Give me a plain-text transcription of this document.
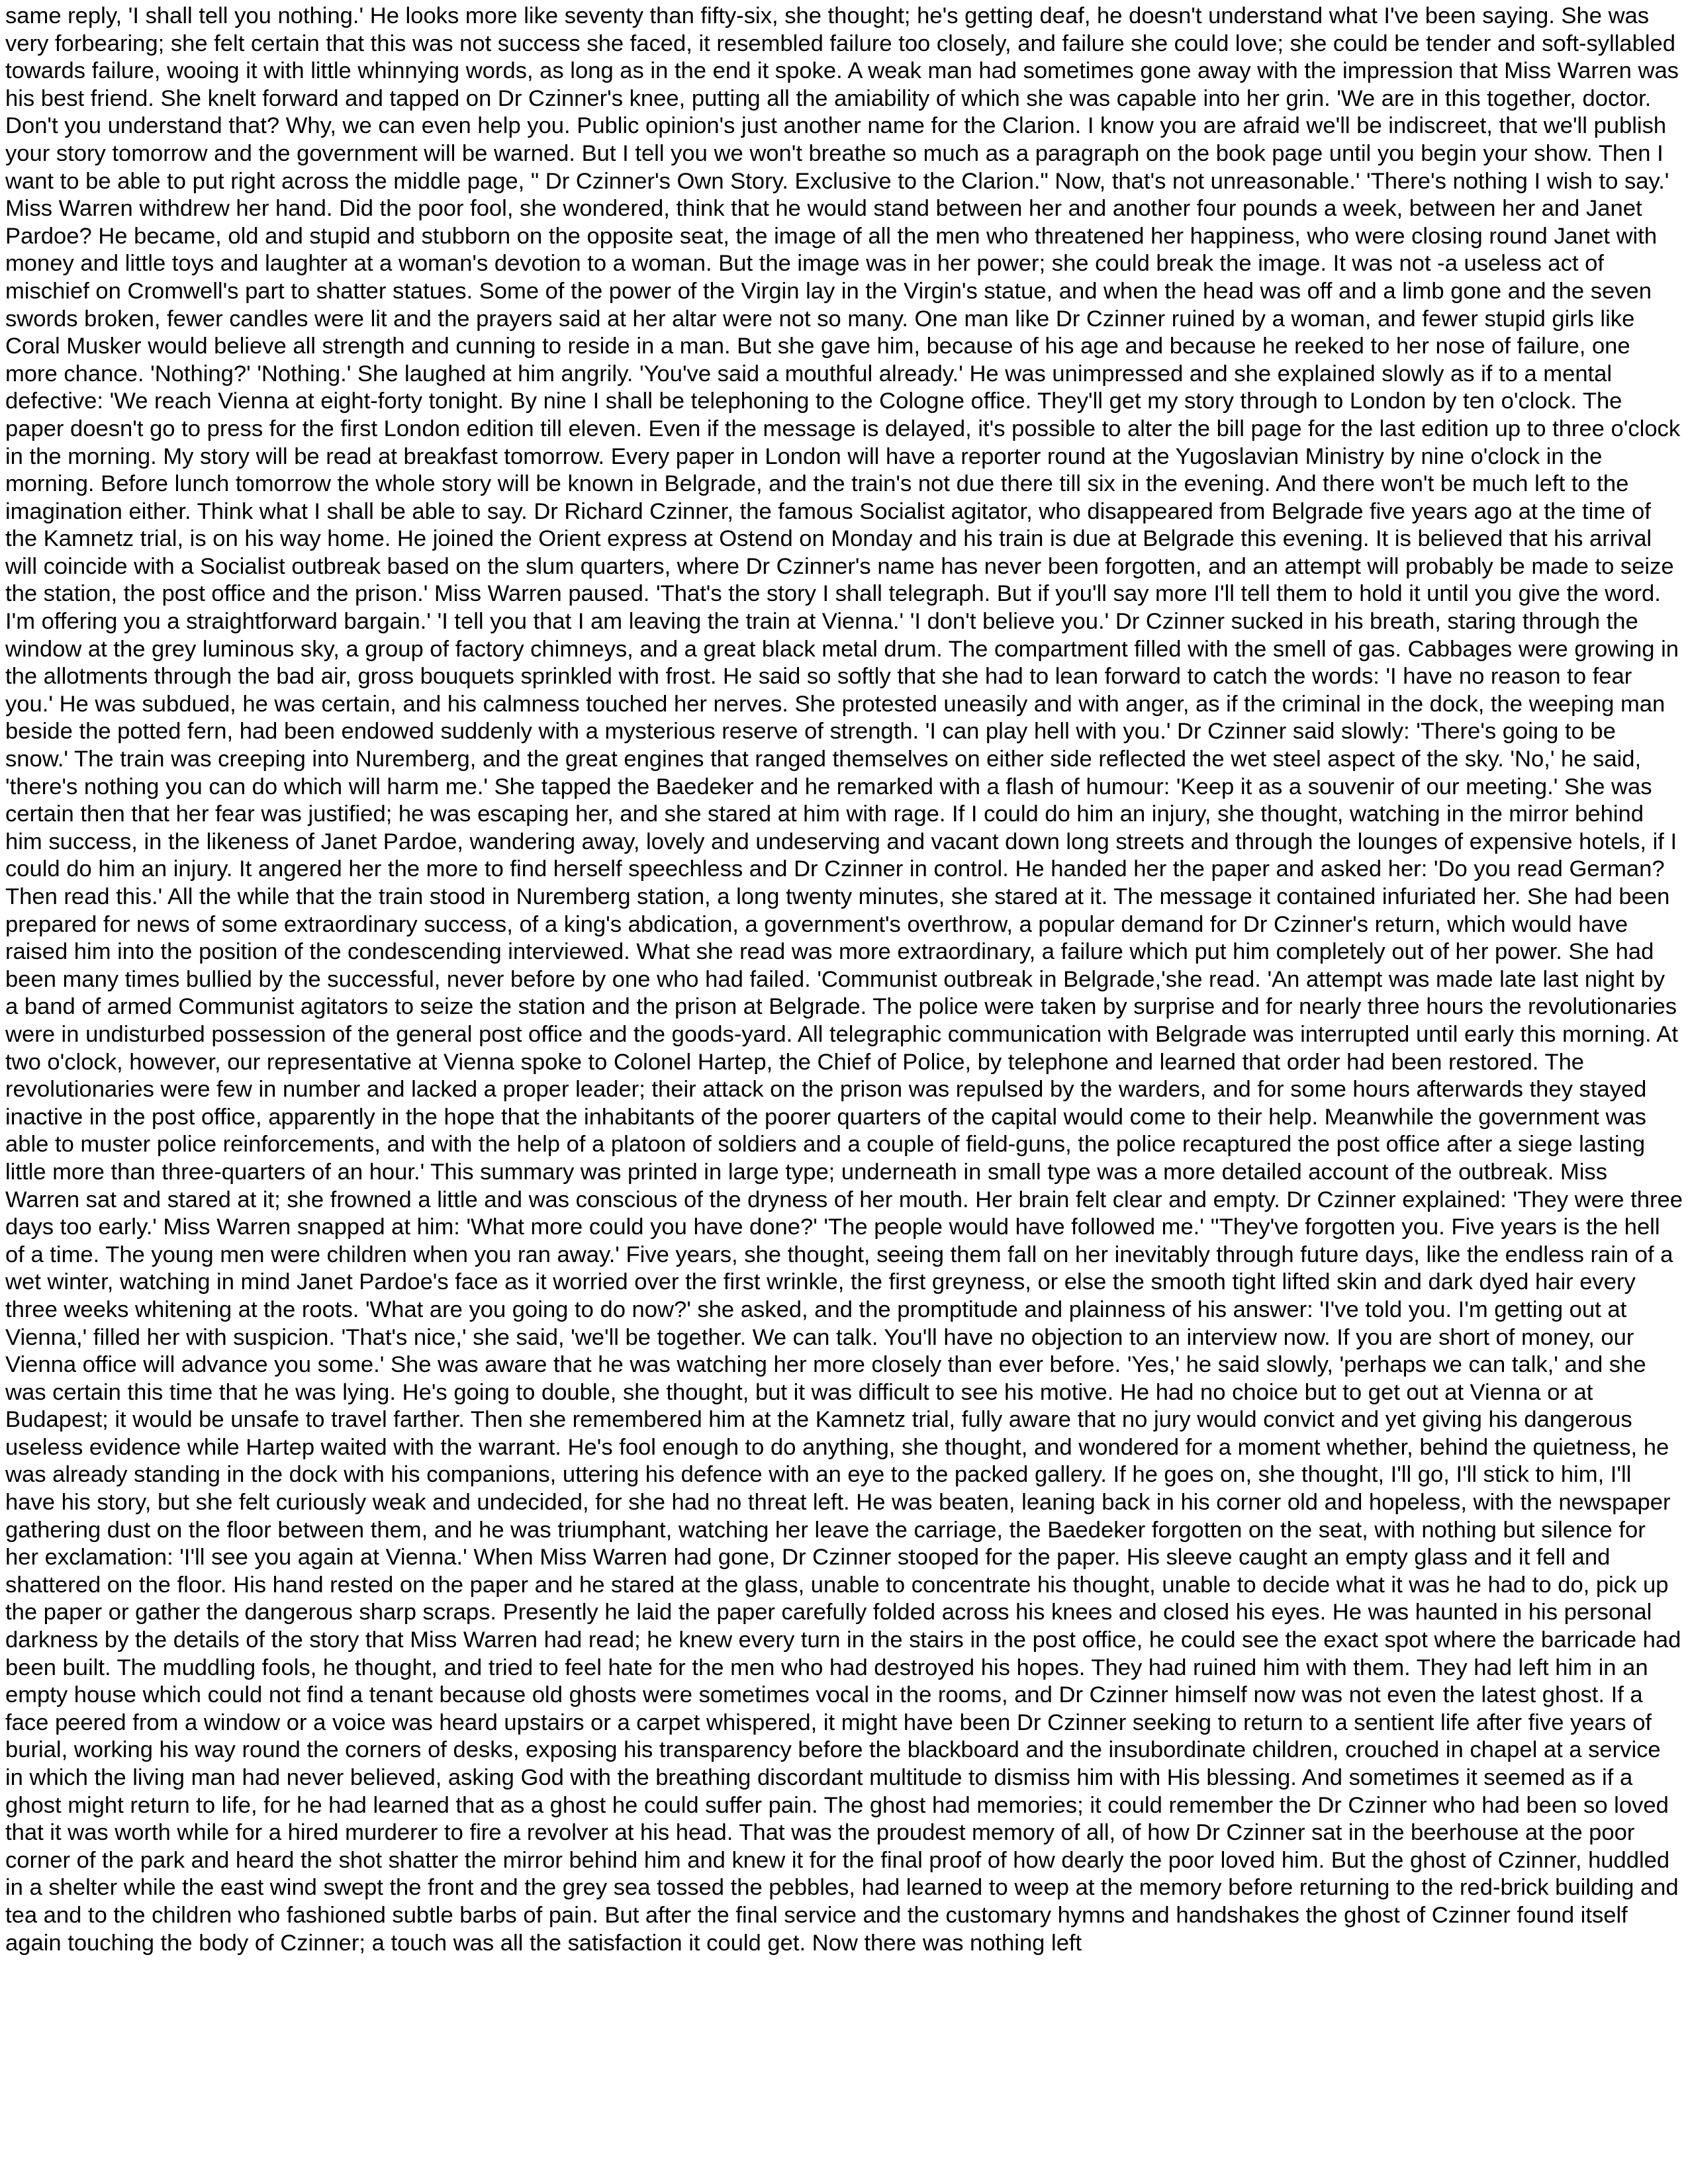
same reply, 'I shall tell you nothing.' He looks more like seventy than fifty-six, she thought; he's getting deaf, he doesn't understand what I've been saying. She was very forbearing; she felt certain that this was not success she faced, it resembled failure too closely, and failure she could love; she could be tender and soft-syllabled towards failure, wooing it with little whinnying words, as long as in the end it spoke. A weak man had sometimes gone away with the impression that Miss Warren was his best friend. She knelt forward and tapped on Dr Czinner's knee, putting all the amiability of which she was capable into her grin. 'We are in this together, doctor. Don't you understand that? Why, we can even help you. Public opinion's just another name for the Clarion. I know you are afraid we'll be indiscreet, that we'll publish your story tomorrow and the government will be warned. But I tell you we won't breathe so much as a paragraph on the book page until you begin your show. Then I want to be able to put right across the middle page, " Dr Czinner's Own Story. Exclusive to the Clarion." Now, that's not unreasonable.' 'There's nothing I wish to say.' Miss Warren withdrew her hand. Did the poor fool, she wondered, think that he would stand between her and another four pounds a week, between her and Janet Pardoe? He became, old and stupid and stubborn on the opposite seat, the image of all the men who threatened her happiness, who were closing round Janet with money and little toys and laughter at a woman's devotion to a woman. But the image was in her power; she could break the image. It was not -a useless act of mischief on Cromwell's part to shatter statues. Some of the power of the Virgin lay in the Virgin's statue, and when the head was off and a limb gone and the seven swords broken, fewer candles were lit and the prayers said at her altar were not so many. One man like Dr Czinner ruined by a woman, and fewer stupid girls like Coral Musker would believe all strength and cunning to reside in a man. But she gave him, because of his age and because he reeked to her nose of failure, one more chance. 'Nothing?' 'Nothing.' She laughed at him angrily. 'You've said a mouthful already.' He was unimpressed and she explained slowly as if to a mental defective: 'We reach Vienna at eight-forty tonight. By nine I shall be telephoning to the Cologne office. They'll get my story through to London by ten o'clock. The paper doesn't go to press for the first London edition till eleven. Even if the message is delayed, it's possible to alter the bill page for the last edition up to three o'clock in the morning. My story will be read at breakfast tomorrow. Every paper in London will have a reporter round at the Yugoslavian Ministry by nine o'clock in the morning. Before lunch tomorrow the whole story will be known in Belgrade, and the train's not due there till six in the evening. And there won't be much left to the imagination either. Think what I shall be able to say. Dr Richard Czinner, the famous Socialist agitator, who disappeared from Belgrade five years ago at the time of the Kamnetz trial, is on his way home. He joined the Orient express at Ostend on Monday and his train is due at Belgrade this evening. It is believed that his arrival will coincide with a Socialist outbreak based on the slum quarters, where Dr Czinner's name has never been forgotten, and an attempt will probably be made to seize the station, the post office and the prison.' Miss Warren paused. 'That's the story I shall telegraph. But if you'll say more I'll tell them to hold it until you give the word. I'm offering you a straightforward bargain.' 'I tell you that I am leaving the train at Vienna.' 'I don't believe you.' Dr Czinner sucked in his breath, staring through the window at the grey luminous sky, a group of factory chimneys, and a great black metal drum. The compartment filled with the smell of gas. Cabbages were growing in the allotments through the bad air, gross bouquets sprinkled with frost. He said so softly that she had to lean forward to catch the words: 'I have no reason to fear you.' He was subdued, he was certain, and his calmness touched her nerves. She protested uneasily and with anger, as if the criminal in the dock, the weeping man beside the potted fern, had been endowed suddenly with a mysterious reserve of strength. 'I can play hell with you.' Dr Czinner said slowly: 'There's going to be snow.' The train was creeping into Nuremberg, and the great engines that ranged themselves on either side reflected the wet steel aspect of the sky. 'No,' he said, 'there's nothing you can do which will harm me.' She tapped the Baedeker and he remarked with a flash of humour: 'Keep it as a souvenir of our meeting.' She was certain then that her fear was justified; he was escaping her, and she stared at him with rage. If I could do him an injury, she thought, watching in the mirror behind him success, in the likeness of Janet Pardoe, wandering away, lovely and undeserving and vacant down long streets and through the lounges of expensive hotels, if I could do him an injury. It angered her the more to find herself speechless and Dr Czinner in control. He handed her the paper and asked her: 'Do you read German? Then read this.' All the while that the train stood in Nuremberg station, a long twenty minutes, she stared at it. The message it contained infuriated her. She had been prepared for news of some extraordinary success, of a king's abdication, a government's overthrow, a popular demand for Dr Czinner's return, which would have raised him into the position of the condescending interviewed. What she read was more extraordinary, a failure which put him completely out of her power. She had been many times bullied by the successful, never before by one who had failed. 'Communist outbreak in Belgrade,'she read. 'An attempt was made late last night by a band of armed Communist agitators to seize the station and the prison at Belgrade. The police were taken by surprise and for nearly three hours the revolutionaries were in undisturbed possession of the general post office and the goods-yard. All telegraphic communication with Belgrade was interrupted until early this morning. At two o'clock, however, our representative at Vienna spoke to Colonel Hartep, the Chief of Police, by telephone and learned that order had been restored. The revolutionaries were few in number and lacked a proper leader; their attack on the prison was repulsed by the warders, and for some hours afterwards they stayed inactive in the post office, apparently in the hope that the inhabitants of the poorer quarters of the capital would come to their help. Meanwhile the government was able to muster police reinforcements, and with the help of a platoon of soldiers and a couple of field-guns, the police recaptured the post office after a siege lasting little more than three-quarters of an hour.' This summary was printed in large type; underneath in small type was a more detailed account of the outbreak. Miss Warren sat and stared at it; she frowned a little and was conscious of the dryness of her mouth. Her brain felt clear and empty. Dr Czinner explained: 'They were three days too early.' Miss Warren snapped at him: 'What more could you have done?' 'The people would have followed me.' ''They've forgotten you. Five years is the hell of a time. The young men were children when you ran away.' Five years, she thought, seeing them fall on her inevitably through future days, like the endless rain of a wet winter, watching in mind Janet Pardoe's face as it worried over the first wrinkle, the first greyness, or else the smooth tight lifted skin and dark dyed hair every three weeks whitening at the roots. 'What are you going to do now?' she asked, and the promptitude and plainness of his answer: 'I've told you. I'm getting out at Vienna,' filled her with suspicion. 'That's nice,' she said, 'we'll be together. We can talk. You'll have no objection to an interview now. If you are short of money, our Vienna office will advance you some.' She was aware that he was watching her more closely than ever before. 'Yes,' he said slowly, 'perhaps we can talk,' and she was certain this time that he was lying. He's going to double, she thought, but it was difficult to see his motive. He had no choice but to get out at Vienna or at Budapest; it would be unsafe to travel farther. Then she remembered him at the Kamnetz trial, fully aware that no jury would convict and yet giving his dangerous useless evidence while Hartep waited with the warrant. He's fool enough to do anything, she thought, and wondered for a moment whether, behind the quietness, he was already standing in the dock with his companions, uttering his defence with an eye to the packed gallery. If he goes on, she thought, I'll go, I'll stick to him, I'll have his story, but she felt curiously weak and undecided, for she had no threat left. He was beaten, leaning back in his corner old and hopeless, with the newspaper gathering dust on the floor between them, and he was triumphant, watching her leave the carriage, the Baedeker forgotten on the seat, with nothing but silence for her exclamation: 'I'll see you again at Vienna.' When Miss Warren had gone, Dr Czinner stooped for the paper. His sleeve caught an empty glass and it fell and shattered on the floor. His hand rested on the paper and he stared at the glass, unable to concentrate his thought, unable to decide what it was he had to do, pick up the paper or gather the dangerous sharp scraps. Presently he laid the paper carefully folded across his knees and closed his eyes. He was haunted in his personal darkness by the details of the story that Miss Warren had read; he knew every turn in the stairs in the post office, he could see the exact spot where the barricade had been built. The muddling fools, he thought, and tried to feel hate for the men who had destroyed his hopes. They had ruined him with them. They had left him in an empty house which could not find a tenant because old ghosts were sometimes vocal in the rooms, and Dr Czinner himself now was not even the latest ghost. If a face peered from a window or a voice was heard upstairs or a carpet whispered, it might have been Dr Czinner seeking to return to a sentient life after five years of burial, working his way round the corners of desks, exposing his transparency before the blackboard and the insubordinate children, crouched in chapel at a service in which the living man had never believed, asking God with the breathing discordant multitude to dismiss him with His blessing. And sometimes it seemed as if a ghost might return to life, for he had learned that as a ghost he could suffer pain. The ghost had memories; it could remember the Dr Czinner who had been so loved that it was worth while for a hired murderer to fire a revolver at his head. That was the proudest memory of all, of how Dr Czinner sat in the beerhouse at the poor corner of the park and heard the shot shatter the mirror behind him and knew it for the final proof of how dearly the poor loved him. But the ghost of Czinner, huddled in a shelter while the east wind swept the front and the grey sea tossed the pebbles, had learned to weep at the memory before returning to the red-brick building and tea and to the children who fashioned subtle barbs of pain. But after the final service and the customary hymns and handshakes the ghost of Czinner found itself again touching the body of Czinner; a touch was all the satisfaction it could get. Now there was nothing left
